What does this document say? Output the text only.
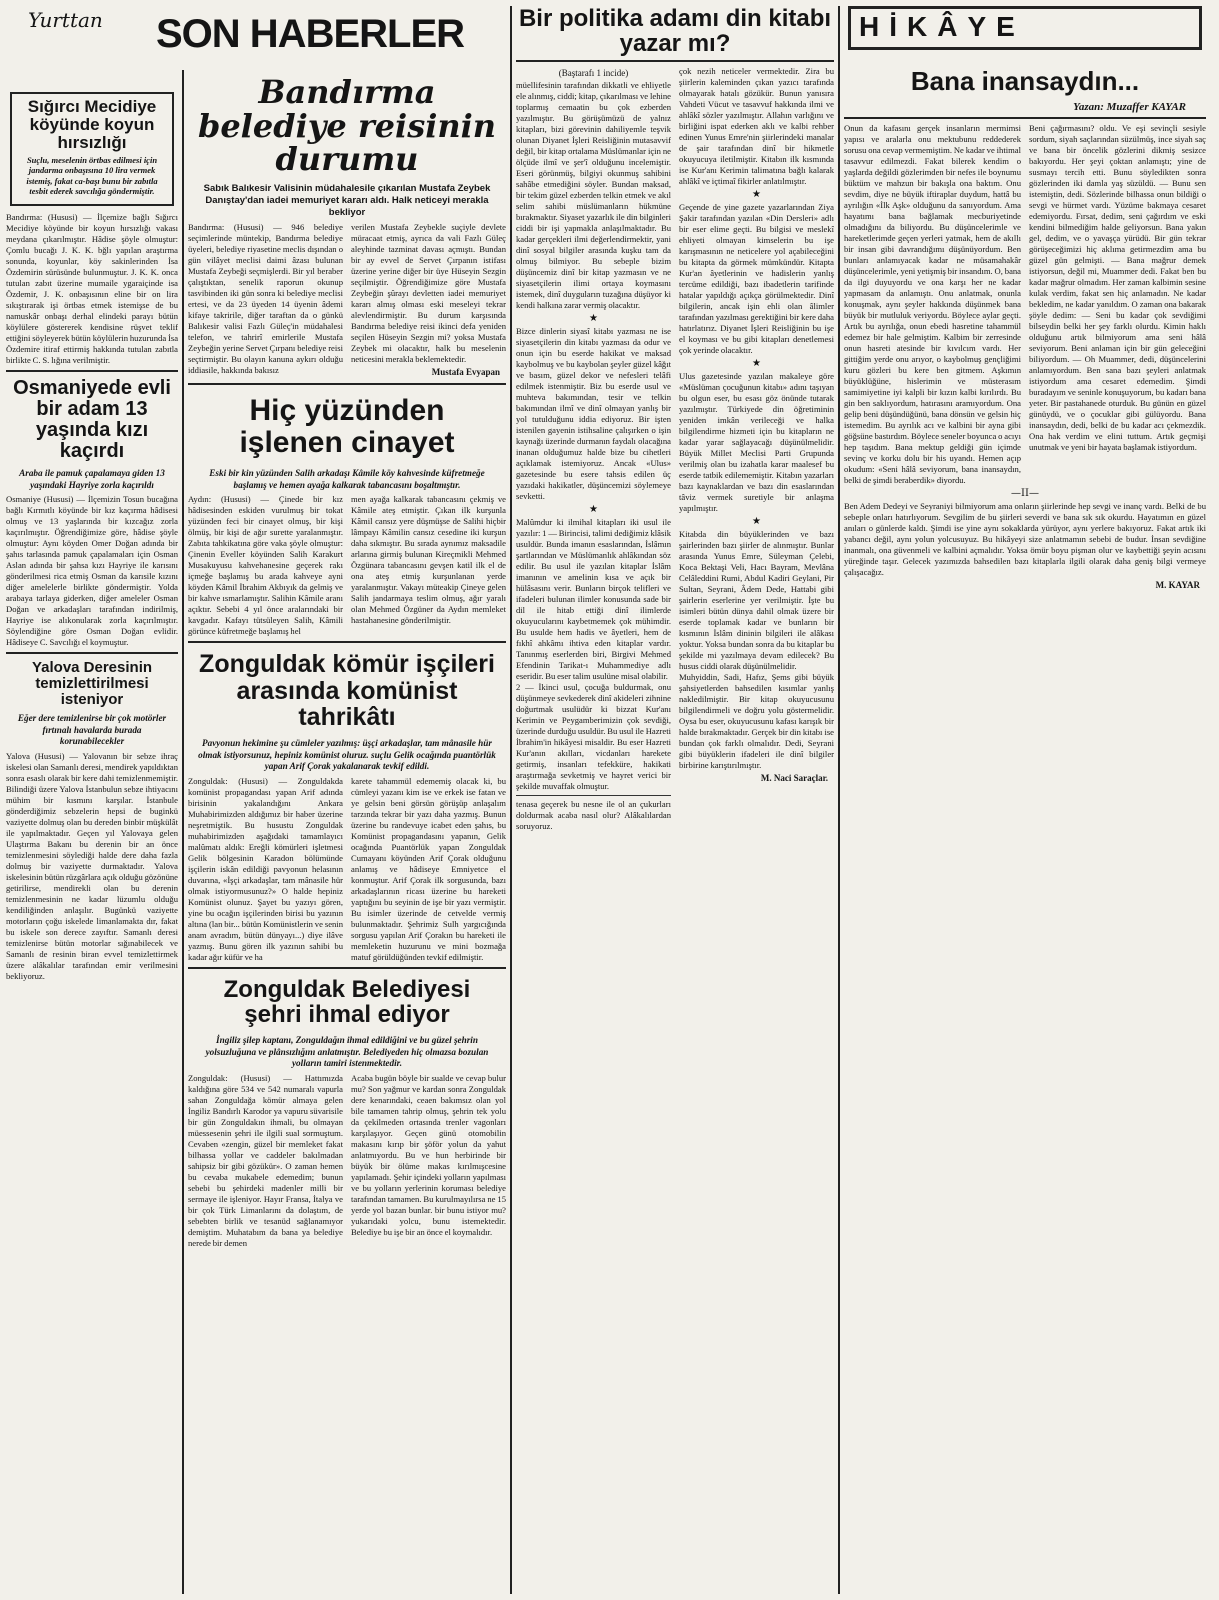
Yurttan SON HABERLER
Sığırcı Mecidiye köyünde koyun hırsızlığı
Suçlu, meselenin örtbas edilmesi için jandarma onbaşısına 10 lira vermek istemiş, fakat ca-başı bunu bir zabıtla tesbit ederek savcılığa göndermiştir.

Bandırma: (Hususi) — İlçemize bağlı Sığırcı Mecidiye köyünde bir koyun hırsızlığı vakası meydana çıkarılmıştır. Hâdise şöyle olmuştur: Çomlu bucağı J. K. K. bğlı yapılan araştırma sonunda, koyunlar, köy sakinlerinden İsa Özdemirin sürüsünde bulunmuştur. J. K. K. onca tutulan zabıt üzerine mumaile ygaraiçinde isa Özdemir, J. K. onbaşısının eline bir on lira sıkıştırarak işi örtbas etmek istemişse de bu namuskâr onbaşı derhal elindeki parayı bütün köylülere göstererek kendisine rüşvet teklif ettiğini söyleyerek bütün köylülerin huzurunda İsa Özdemire itiraf ettirmiş hakkında tutulan zabıtla birlikte C. S. lığına verilmiştir.

Osmaniyede evli bir adam 13 yaşında kızı kaçırdı
Araba ile pamuk çapalamaya giden 13 yaşındaki Hayriye zorla kaçırıldı

Osmaniye (Hususi) — İlçemizin Tosun bucağına bağlı Kırmıtlı köyünde bir kız kaçırma hâdisesi olmuş ve 13 yaşlarında bir kızcağız zorla kaçırılmıştır. Öğrendiğimize göre, hâdise şöyle olmuştur: Aynı köyden Omer Doğan adında bir şahıs tarlasında pamuk çapalamaları için Osman Aslan adında bir şahsa kızı Hayriye ile karısını gönderilmesi rica etmiş Osman da karısile kızını diğer amelelerle birlikte göndermiştir. Yolda arabaya tarlaya giderken, diğer ameleler Osman Doğan ve arkadaşları tarafından indirilmiş, Hayriye ise alıkonularak zorla kaçırılmıştır. Söylendiğine göre Osman Doğan evlidir. Hâdiseye C. Savcılığı el koymuştur.

Yalova Deresinin temizlettirilmesi isteniyor
Eğer dere temizlenirse bir çok motörler fırtınalı havalarda burada korunabilecekler

Yalova (Hususi) — Yalovanın bir sebze ihraç iskelesi olan Samanlı deresi, mendirek yapıldıktan sonra esaslı olarak bir kere dahi temizlenmemiştir. Bilindiği üzere Yalova İstanbulun sebze ihtiyacını mühim bir kısmını karşılar. İstanbule gönderdiğimiz sebzelerin hepsi de buginkü vaziyette dolmuş olan bu dereden binbir müşkülât ile yapılmaktadır. Geçen yıl Yalovaya gelen Ulaştırma Bakanı bu derenin bir an önce temizlenmesini söylediği halde dere daha fazla dolmuş bir vaziyette durmaktadır. Yalova iskelesinin bütün rüzgârlara açık olduğu gözönüne getirilirse, mendirekli olan bu derenin temizlenmesinin ne kadar lüzumlu olduğu kendiliğinden anlaşılır. Bugünkü vaziyette motorların çoğu iskelede limanlamakta dır, fakat bu iskele son derece zayıftır. Samanlı deresi temizlenirse bütün motorlar sığınabilecek ve Samanlı de resinin biran evvel temizlettirmek üzere alâkalılar tarafından emir verilmesini bekliyoruz.

Bandırma belediye reisinin durumu
Sabık Balıkesir Valisinin müdahalesile çıkarılan Mustafa Zeybek Danıştay'dan iadei memuriyet kararı aldı. Halk neticeyi merakla bekliyor

Bandırma: (Hususi) — 946 belediye seçimlerinde müntekip, Bandırma belediye üyeleri, belediye riyasetine meclis dışından o gün vilâyet meclisi daimi âzası bulunan Mustafa Zeybeği seçmişlerdi. Bir yıl beraber çalıştıktan, senelik raporun okunup tasvibinden iki gün sonra ki belediye meclisi ertesi, ve da 23 üyeden 14 üyenin âdemi kifaye takririle, diğer taraftan da o günkü Balıkesir valisi Fazlı Güleç'in müdahalesi telefon, ve tahrirî emirlerile Mustafa Zeybeğin yerine Servet Çırpanı belediye reisi seçtirmiştir. Bu olayın kanuna aykırı olduğu iddiasile, hakkında bakısız

verilen Mustafa Zeybekle suçiyle devlete müracaat etmiş, ayrıca da vali Fazlı Güleç aleyhinde tazminat davası açmıştı. Bundan bir ay evvel de Servet Çırpanın istifası üzerine yerine diğer bir üye Hüseyin Sezgin seçilmiştir. Öğrendiğimize göre Mustafa Zeybeğin şûrayı devletten iadei memuriyet kararı almış olması eski meseleyi tekrar alevlendirmiştir. Bu durum karşısında Bandırma belediye reisi ikinci defa yeniden seçilen Hüseyin Sezgin mi? yoksa Mustafa Zeybek mi olacaktır, halk bu meselenin neticesini merakla beklemektedir.

Mustafa Evyapan
Hiç yüzünden işlenen cinayet
Eski bir kin yüzünden Salih arkadaşı Kâmile köy kahvesinde küfretmeğe başlamış ve hemen ayağa kalkarak tabancasını boşaltmıştır.

Aydın: (Hususi) — Çinede bir kız hâdisesinden eskiden vurulmuş bir tokat yüzünden feci bir cinayet olmuş, bir kişi ölmüş, bir kişi de ağır surette yaralanmıştır. Zabıta tahkikatına göre vaka şöyle olmuştur: Çinenin Eveller köyünden Salih Karakurt Musakuyusu kahvehanesine geçerek rakı içmeğe başlamış bu arada kahveye ayni köyden Kâmil İbrahim Akbıyık da gelmiş ve bir kahve ısmarlamıştır. Salihin Kâmile aranı açıktır. Sebebi 4 yıl önce aralarındaki bir kavgadır. Kafayı tütsüleyen Salih, Kâmili görünce küfretmeğe başlamış hel

men ayağa kalkarak tabancasını çekmiş ve Kâmile ateş etmiştir. Çıkan ilk kurşunla Kâmil cansız yere düşmüşse de Salihi hiçbir lâmpayı Kâmilin cansız cesedine iki kurşun daha sıkmıştır. Bu sırada aynımız maksadile arlarına girmiş bulunan Kireçmikli Mehmed Özgünara tabancasını gevşen katil ilk el de ona ateş etmiş kurşunlanan yerde yaralanmıştır. Vakayı müteakip Çineye gelen Salih jandarmaya teslim olmuş, ağır yaralı olan Mehmed Özgüner da Aydın memleket hastahanesine gönderilmiştir.

Zonguldak kömür işçileri arasında komünist tahrikâtı
Pavyonun hekimine şu cümleler yazılmış: üşçi arkadaşlar, tam mânasile hür olmak istiyorsunuz, hepiniz komünist oluruz. suçlu Gelik ocağında puantörlük yapan Arif Çorak yakalanarak tevkif edildi.

Zonguldak: (Hususi) — Zonguldakda komünist propagandası yapan Arif adında birisinin yakalandığını Ankara Muhabirimizden aldığımız bir haber üzerine neşretmiştik. Bu husustu Zonguldak muhabirimizden aşağıdaki tamamlayıcı malûmatı aldık: Ereğli kömürleri işletmesi Gelik bölgesinin Karadon bölümünde işçilerin iskân edildiği pavyonun helasının duvarına, «İşçi arkadaşlar, tam mânasile hür olmak istiyormusunuz?» O halde hepiniz Komünist olunuz. Şayet bu yazıyı gören, yine bu ocağın işçilerinden birisi bu yazının altına (lan bir... bütün Komünistlerin ve senin anam avradım, bütün dünyayı...) diye ilâve yazmış. Bunu gören ilk yazının sahibi bu kadar ağır küfür ve ha

karete tahammül edememiş olacak ki, bu cümleyi yazanı kim ise ve erkek ise fatan ve ye gelsin beni görsün görüşüp anlaşalım tarzında tekrar bir yazı daha yazmış. Bunun üzerine bu randevuye icabet eden şahıs, bu Komünist propagandasını yapanın, Gelik ocağında Puantörlük yapan Zonguldak Cumayanı köyünden Arif Çorak olduğunu anlamış ve hâdiseye Emniyetce el konmuştur. Arif Çorak ilk sorgusunda, bazı arkadaşlarının ricası üzerine bu hareketi yaptığını bu seyinin de işe bir yazı vermiştir. Bu isimler üzerinde de cetvelde vermiş bulunmaktadır. Şehrimiz Sulh yargıcığında sorgusu yapılan Arif Çorakın bu hareketi ile memleketin huzurunu ve mini bozmağa matuf görüldüğünden tevkif edilmiştir.

Zonguldak Belediyesi şehri ihmal ediyor
İngiliz şilep kaptanı, Zonguldağın ihmal edildiğini ve bu güzel şehrin yolsuzluğuna ve plânsızlığını anlatmıştır. Belediyeden hiç olmazsa bozulan yolların tamiri istenmektedir.

Zonguldak: (Hususi) — Hattımızda kaldığına göre 534 ve 542 numaralı vapurla sahan Zonguldağa kömür almaya gelen İngiliz Bandırlı Karodor ya vapuru süvarisile bir gün Zonguldakın ihmali, bu olmayan müessesenin şehri ile ilgili sual sormuştum. Cevaben «zengin, güzel bir memleket fakat bilhassa yollar ve caddeler bakılmadan sahipsiz bir gibi gözükür». O zaman hemen bu cevaba mukabele edemedim; bunun sebebi bu şehirdeki madenler milli bir sermaye ile işleniyor. Hayır Fransa, İtalya ve bir çok Türk Limanlarını da dolaştım, de sebebten birlik ve tesanüd sağlanamıyor demiştim. Muhatabım da bana ya belediye nerede bir demen

Acaba bugün böyle bir sualde ve cevap bulur mu? Son yağmur ve kardan sonra Zonguldak dere kenarındaki, ceaen bakımsız olan yol bile tamamen tahrip olmuş, şehrin tek yolu da çekilmeden ortasında trenler vagonları karşılaşıyor. Geçen günü otomobilin makasını kırıp bir şöför yolun da yahut anlatmıyordu. Bu ve hun herbirinde bir büyük bir ölüme makas kırılmışcesine yapılamadı. Şehir içindeki yolların yapılması ve bu yolların yerlerinin koruması belediye tarafından tamamen. Bu kurulmayılırsa ne 15 yerde yol bazan bunlar. bir bunu istiyor mu? yukarıdaki yolcu, bunu istemektedir. Belediye bu işe bir an önce el koymalıdır.

Bir politika adamı din kitabı yazar mı?
(Baştarafı 1 incide)

müellifesinin tarafından dikkatli ve ehliyetle ele alınmış, ciddi; kitap, çıkarılması ve lehine toplarmış cemaatin bu çok ezberden yazılmıştır. Bu görüşümüzü de yalnız kitapları, bizi görevinin dahiliyemle teşvik olunan Diyanet İşleri Reisliğinin mutasavvif değil, bir kitap ortalama Müslümanlar için ne ölçüde ilmî ve şer'î olduğunu incelemiştir. Eseri görünmüş, bilgiyi okunmuş sahibini sahâbe etmediğini söyler. Bundan maksad, bir tekim güzel ezberden telkin etmek ve akıl selim sahibi müslümanların hükmüne bırakmaktır. Siyaset yazarlık ile din bilginleri ciddi bir işi yapmakla anlaşılmaktadır. Bu kadar gerçekleri ilmi değerlendirmektir, yani dinî sosyal bilgiler arasında kuşku tam da olmuş bilmiyor. Bu sebeple bizim düşüncemiz dinî bir kitap yazmasın ve ne siyasetçilerin ilimi ortaya koymasını istemek, dinî duyguların tuzağına düşüyor ki kendi halkına zarar vermiş olacaktır.

★

Bizce dinlerin siyasî kitabı yazması ne ise siyasetçilerin din kitabı yazması da odur ve onun için bu eserde hakikat ve maksad kaybolmuş ve bu kaybolan şeyler güzel kâğıt ve basım, güzel dekor ve nefesleri telâfi edilmek istenmiştir. Biz bu eserde usul ve muhteva bakımından, tesir ve telkin bakımından ilmî ve dinî olmayan yanlış bir yol tutulduğunu iddia ediyoruz. Bir işten istenilen gayenin istihsaline çalışırken o işin kaynağı üzerinde durmanın faydalı olacağına inanan olduğumuz halde bize bu cihetleri açıklamak istemiyoruz. Ancak «Ulus» gazetesinde bu esere tahsis edilen üç yazıdaki hakikatler, düşüncemizi söylemeye sevketti.

★

Malûmdur ki ilmihal kitapları iki usul ile yazılır: 1 — Birincisi, talimi dediğimiz klâsik usuldür. Bunda imanın esaslarından, İslâmın şartlarından ve Müslümanlık ahlâkından söz edilir. Bu usul ile yazılan kitaplar İslâm imanının ve amelinin kısa ve açık bir hülâsasını verir. Bunların birçok telifleri ve ifadeleri bulunan ilimler konusunda sade bir dil ile hitab ettiği dinî ilimlerde okuyucularını kaybetmemek çok mühimdir. Bu usulde hem hadis ve âyetleri, hem de fıkhî ahkâmı ihtiva eden kitaplar vardır. Tanınmış eserlerden biri, Birgivi Mehmed Efendinin Tarikat-ı Muhammediye adlı eseridir. Bu eser talim usulüne misal olabilir.

2 — İkinci usul, çocuğa buldurmak, onu düşünmeye sevkederek dinî akideleri zihnine doğurtmak usulüdür ki bizzat Kur'anı Kerimin ve Peygamberimizin çok sevdiği, üzerinde durduğu usuldür. Bu usul ile Hazreti İbrahim'in hikâyesi misaldir. Bu eser Hazreti Kur'anın akılları, vicdanları harekete getirmiş, insanları tefekküre, hakikati araştırmağa sevketmiş ve hayret verici bir şekilde muvaffak olmuştur.

tenasa geçerek bu nesne ile ol an çukurları doldurmak acaba nasıl olur? Alâkalılardan soruyoruz.

çok nezih neticeler vermektedir. Zira bu şiirlerin kaleminden çıkan yazıcı tarafında olmayarak hatalı gözükür. Bunun yanısıra Vahdeti Vücut ve tasavvuf hakkında ilmi ve ahlâkî sözler yazılmıştır. Allahın varlığını ve birliğini ispat ederken aklı ve kalbi rehber edinen Yunus Emre'nin şiirlerindeki manalar de şair tarafından dinî bir hikmetle okuyucuya iletilmiştir. Kitabın ilk kısmında ise Kur'anı Kerimin talimatına bağlı kalarak ahlâkî ve içtimaî fikirler anlatılmıştır.

★

Geçende de yine gazete yazarlarından Ziya Şakir tarafından yazılan «Din Dersleri» adlı bir eser elime geçti. Bu bilgisi ve meslekî ehliyeti olmayan kimselerin bu işe karışmasının ne neticelere yol açabileceğini bu kitapta da görmek mümkündür. Kitapta Kur'an âyetlerinin ve hadislerin yanlış tercüme edildiği, bazı ibadetlerin tarifinde hatalar yapıldığı açıkça görülmektedir. Dinî bilgilerin, ancak işin ehli olan âlimler tarafından yazılması gerektiğini bir kere daha hatırlatırız. Diyanet İşleri Reisliğinin bu işe el koyması ve bu gibi kitapları denetlemesi çok yerinde olacaktır.

★

Ulus gazetesinde yazılan makaleye göre «Müslüman çocuğunun kitabı» adını taşıyan bu olgun eser, bu esası göz önünde tutarak yazılmıştır. Türkiyede din öğretiminin yeniden imkân verileceği ve halka bilgilendirme hizmeti için bu kitapların ne kadar yarar sağlayacağı düşünülmelidir. Büyük Millet Meclisi Parti Grupunda verilmiş olan bu izahatla karar maalesef bu eserde tatbik edilememiştir. Kitabın yazarları bazı kaynaklardan ve bazı din esaslarından tâviz vermek suretiyle bir anlaşma yapılmıştır.

★

Kitabda din büyüklerinden ve bazı şairlerinden bazı şiirler de alınmıştır. Bunlar arasında Yunus Emre, Süleyman Çelebi, Koca Bektaşi Veli, Hacı Bayram, Mevlâna Celâleddini Rumi, Abdul Kadiri Geylani, Pir Sultan, Seyrani, Âdem Dede, Hattabi gibi şairlerin eserlerine yer verilmiştir. İşte bu isimleri bütün dünya dahil olmak üzere bir eserde toplamak kadar ve bunların bir kısmının İslâm dininin bilgileri ile alâkası yoktur. Yoksa bundan sonra da bu kitaplar bu şekilde mi yazılmaya devam edilecek? Bu husus ciddi olarak düşünülmelidir.

Muhyiddin, Sadi, Hafız, Şems gibi büyük şahsiyetlerden bahsedilen kısımlar yanlış nakledilmiştir. Bir kitap okuyucusunu bilgilendirmeli ve doğru yolu göstermelidir. Oysa bu eser, okuyucusunu kafası karışık bir halde bırakmaktadır. Gerçek bir din kitabı ise bundan çok farklı olmalıdır. Dedi, Seyrani gibi büyüklerin ifadeleri ile dinî bilgiler birbirine karıştırılmıştır.

M. Naci Saraçlar.
HİKÂYE
Bana inansaydın...
Yazan: Muzaffer KAYAR

Onun da kafasını gerçek insanların mermimsi yapısı ve aralarla onu mektubunu reddederek sorusu ona cevap vermemiştim. Ne kadar ve ihtimal tasavvur edilmezdi. Fakat bilerek kendim o yaşlarda değildi gözlerimden bir nefes ile boynumu büktüm ve mahzun bir bakışla ona baktım. Onu sevdim, diye ne büyük iftiraplar duydum, hattâ bu ayrılığın «İlk Aşk» olduğunu da sanıyordum. Ama hayatımı bana bağlamak mecburiyetinde olmadığını da biliyordu. Bu düşüncelerimle ve hareketlerimde geçen yerleri yatmak, hem de akıllı bir insan gibi davrandığımı düşünüyordum. Ben bunları anlamıyacak kadar ne müsamahakâr düşüncelerimle, yeni yetişmiş bir insandım. O, bana da ilgi duyuyordu ve ona karşı her ne kadar yapmasam da anlamıştı. Onu anlatmak, onunla konuşmak, aynı şeyler hakkında düşünmek bana büyük bir mutluluk veriyordu. Böylece aylar geçti. Artık bu ayrılığa, onun ebedi hasretine tahammül edemez bir hale gelmiştim. Kalbim bir zerresinde onun hasreti atesinde bir kıvılcım vardı. Her gittiğim yerde onu arıyor, o kaybolmuş gençliğimi kuru gözleri bu kere ben gitmem. Aşkımın büyüklüğüne, hislerimin ve müsterasım samimiyetine iyi kalpli bir kızın kalbi kırılırdı. Bu gin ben saklıyordum, hatırasını aramıyordum. Ona gelip beni düşündüğünü, bana dönsün ve gelsin hiç istemedim. Bu ayrılık acı ve kalbini bir ayna gibi göğsüne bastırdım. Böylece seneler boyunca o acıyı hep taşıdım. Bana mektup geldiği gün içimde sevinç ve korku dolu bir his uyandı. Hemen açıp okudum: «Seni hâlâ seviyorum, bana inansaydın, belki de şimdi beraberdik» diyordu.

Beni çağırmasını? oldu. Ve eşi sevinçli sesiyle sordum, siyah saçlarından süzülmüş, ince siyah saç ve bana bir öncelik gözlerini dikmiş sesizce bakıyordu. Her şeyi çoktan anlamıştı; yine de susmayı tercih etti. Bunu söyledikten sonra gözlerinden iki damla yaş süzüldü. — Bunu sen istemiştin, dedi. Sözlerinde bilhassa onun bildiği o sevgi ve hürmet vardı. Yüzüme bakmaya cesaret edemiyordu. Fırsat, dedim, seni çağırdım ve eski kendini bilmediğim halde geliyorsun. Bana yakın gel, dedim, ve o yavaşça yürüdü. Bir gün tekrar görüşeceğimizi hiç aklıma getirmezdim ama bu güzel gün gelmişti. — Bana mağrur demek istiyorsun, değil mi, Muammer dedi. Fakat ben bu kadar mağrur olmadım. Her zaman kalbimin sesine kulak verdim, fakat sen hiç anlamadın. Ne kadar bekledim, ne kadar yanıldım. O zaman ona bakarak şöyle dedim: — Seni bu kadar çok sevdiğimi bilseydin belki her şey farklı olurdu. Kimin haklı olduğunu artık bilmiyorum ama seni hâlâ seviyorum. Beni anlaman için bir gün geleceğini biliyordum. — Oh Muammer, dedi, düşüncelerini anlamıyordum. Ben sana bazı şeyleri anlatmak istiyordum ama cesaret edemedim. Şimdi buradayım ve seninle konuşuyorum, bu kadarı bana yeter. Bir pastahanede oturduk. Bu günün en güzel günüydü, ve o çocuklar gibi gülüyordu. Bana inansaydın, dedi, belki de bu kadar acı çekmezdik. Ona hak verdim ve elini tuttum. Artık geçmişi unutmak ve yeni bir hayata başlamak istiyordum.

—II—

Ben Adem Dedeyi ve Seyraniyi bilmiyorum ama onların şiirlerinde hep sevgi ve inanç vardı. Belki de bu sebeple onları hatırlıyorum. Sevgilim de bu şiirleri severdi ve bana sık sık okurdu. Hayatımın en güzel anıları o günlerde kaldı. Şimdi ise yine aynı sokaklarda yürüyor, aynı yerlere bakıyoruz. Fakat artık iki yabancı değil, aynı yolun yolcusuyuz. Bu hikâyeyi size anlatmamın sebebi de budur. İnsan sevdiğine inanmalı, ona güvenmeli ve kalbini açmalıdır. Yoksa ömür boyu pişman olur ve kaybettiği şeyin acısını yüreğinde taşır. Gelecek yazımızda bahsedilen bazı kitaplarla ilgili olarak daha geniş bilgi vermeye çalışacağız.

M. KAYAR
